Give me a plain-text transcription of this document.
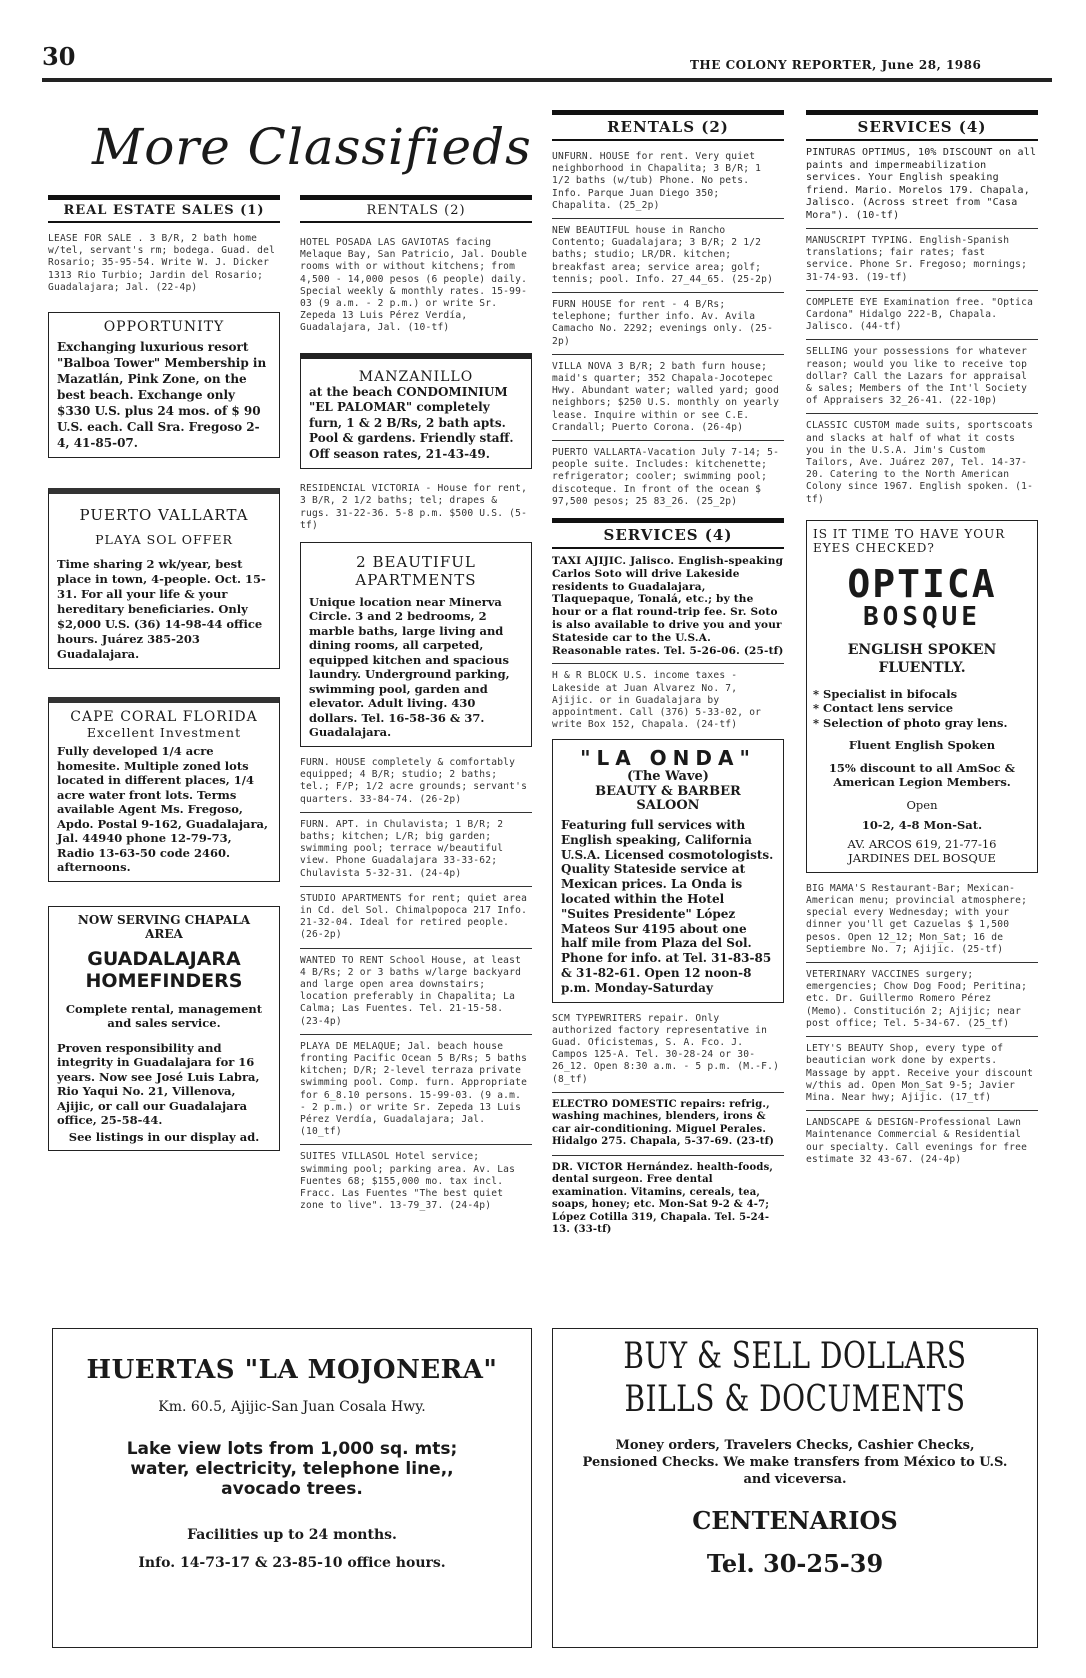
30	THE COLONY REPORTER, June 28, 1986
More Classifieds
REAL ESTATE SALES (1)
LEASE FOR SALE . 3 B/R, 2 bath home w/tel, servant's rm; bodega. Guad. del Rosario; 35-95-54. Write W. J. Dicker 1313 Rio Turbio; Jardin del Rosario; Guadalajara; Jal. (22-4p)
OPPORTUNITY
Exchanging luxurious resort "Balboa Tower" Membership in Mazatlán, Pink Zone, on the best beach. Exchange only $330 U.S. plus 24 mos. of $ 90 U.S. each. Call Sra. Fregoso 2-4, 41-85-07.
PUERTO VALLARTA
PLAYA SOL OFFER
Time sharing 2 wk/year, best place in town, 4-people. Oct. 15-31. For all your life & your hereditary beneficiaries. Only $2,000 U.S. (36) 14-98-44 office hours. Juárez 385-203 Guadalajara.
CAPE CORAL FLORIDA
Excellent Investment
Fully developed 1/4 acre homesite. Multiple zoned lots located in different places, 1/4 acre water front lots. Terms available Agent Ms. Fregoso, Apdo. Postal 9-162, Guadalajara, Jal. 44940 phone 12-79-73, Radio 13-63-50 code 2460. afternoons.
NOW SERVING CHAPALA AREA
GUADALAJARA
HOMEFINDERS
Complete rental, management and sales service.
Proven responsibility and integrity in Guadalajara for 16 years. Now see José Luis Labra, Rio Yaqui No. 21, Villenova, Ajijic, or call our Guadalajara office, 25-58-44.
See listings in our display ad.
RENTALS (2)
HOTEL POSADA LAS GAVIOTAS facing Melaque Bay, San Patricio, Jal. Double rooms with or without kitchens; from 4,500 - 14,000 pesos (6 people) daily. Special weekly & monthly rates. 15-99-03 (9 a.m. - 2 p.m.) or write Sr. Zepeda 13 Luis Pérez Verdía, Guadalajara, Jal. (10-tf)
MANZANILLO
at the beach CONDOMINIUM "EL PALOMAR" completely furn, 1 & 2 B/Rs, 2 bath apts. Pool & gardens. Friendly staff. Off season rates, 21-43-49.
RESIDENCIAL VICTORIA - House for rent, 3 B/R, 2 1/2 baths; tel; drapes & rugs. 31-22-36. 5-8 p.m. $500 U.S. (5-tf)
2 BEAUTIFUL
APARTMENTS
Unique location near Minerva Circle. 3 and 2 bedrooms, 2 marble baths, large living and dining rooms, all carpeted, equipped kitchen and spacious laundry. Underground parking, swimming pool, garden and elevator. Adult living. 430 dollars. Tel. 16-58-36 & 37. Guadalajara.
FURN. HOUSE completely & comfortably equipped; 4 B/R; studio; 2 baths; tel.; F/P; 1/2 acre grounds; servant's quarters. 33-84-74. (26-2p)
FURN. APT. in Chulavista; 1 B/R; 2 baths; kitchen; L/R; big garden; swimming pool; terrace w/beautiful view. Phone Guadalajara 33-33-62; Chulavista 5-32-31. (24-4p)
STUDIO APARTMENTS for rent; quiet area in Cd. del Sol. Chimalpopoca 217 Info. 21-32-04. Ideal for retired people. (26-2p)
WANTED TO RENT School House, at least 4 B/Rs; 2 or 3 baths w/large backyard and large open area downstairs; location preferably in Chapalita; La Calma; Las Fuentes. Tel. 21-15-58. (23-4p)
PLAYA DE MELAQUE; Jal. beach house fronting Pacific Ocean 5 B/Rs; 5 baths kitchen; D/R; 2-level terraza private swimming pool. Comp. furn. Appropriate for 6_8.10 persons. 15-99-03. (9 a.m. - 2 p.m.) or write Sr. Zepeda 13 Luis Pérez Verdía, Guadalajara; Jal. (10_tf)
SUITES VILLASOL Hotel service; swimming pool; parking area. Av. Las Fuentes 68; $155,000 mo. tax incl. Fracc. Las Fuentes "The best quiet zone to live". 13-79_37. (24-4p)
RENTALS (2)
UNFURN. HOUSE for rent. Very quiet neighborhood in Chapalita; 3 B/R; 1 1/2 baths (w/tub) Phone. No pets. Info. Parque Juan Diego 350; Chapalita. (25_2p)
NEW BEAUTIFUL house in Rancho Contento; Guadalajara; 3 B/R; 2 1/2 baths; studio; LR/DR. kitchen; breakfast area; service area; golf; tennis; pool. Info. 27_44_65. (25-2p)
FURN HOUSE for rent - 4 B/Rs; telephone; further info. Av. Avila Camacho No. 2292; evenings only. (25-2p)
VILLA NOVA 3 B/R; 2 bath furn house; maid's quarter; 352 Chapala-Jocotepec Hwy. Abundant water; walled yard; good neighbors; $250 U.S. monthly on yearly lease. Inquire within or see C.E. Crandall; Puerto Corona. (26-4p)
PUERTO VALLARTA-Vacation July 7-14; 5-people suite. Includes: kitchenette; refrigerator; cooler; swimming pool; discoteque. In front of the ocean $ 97,500 pesos; 25 83_26. (25_2p)
SERVICES (4)
TAXI AJIJIC. Jalisco. English-speaking Carlos Soto will drive Lakeside residents to Guadalajara, Tlaquepaque, Tonalá, etc.; by the hour or a flat round-trip fee. Sr. Soto is also available to drive you and your Stateside car to the U.S.A. Reasonable rates. Tel. 5-26-06. (25-tf)
H & R BLOCK U.S. income taxes - Lakeside at Juan Alvarez No. 7, Ajijic. or in Guadalajara by appointment. Call (376) 5-33-02, or write Box 152, Chapala. (24-tf)
"LA ONDA"
(The Wave)
BEAUTY & BARBER
SALOON
Featuring full services with English speaking, California U.S.A. Licensed cosmotologists. Quality Stateside service at Mexican prices. La Onda is located within the Hotel "Suites Presidente" López Mateos Sur 4195 about one half mile from Plaza del Sol. Phone for info. at Tel. 31-83-85 & 31-82-61. Open 12 noon-8 p.m. Monday-Saturday
SCM TYPEWRITERS repair. Only authorized factory representative in Guad. Oficistemas, S. A. Fco. J. Campos 125-A. Tel. 30-28-24 or 30-26_12. Open 8:30 a.m. - 5 p.m. (M.-F.) (8_tf)
ELECTRO DOMESTIC repairs: refrig., washing machines, blenders, irons & car air-conditioning. Miguel Perales. Hidalgo 275. Chapala, 5-37-69. (23-tf)
DR. VICTOR Hernández. health-foods, dental surgeon. Free dental examination. Vitamins, cereals, tea, soaps, honey; etc. Mon-Sat 9-2 & 4-7; López Cotilla 319, Chapala. Tel. 5-24-13. (33-tf)
SERVICES (4)
PINTURAS OPTIMUS, 10% DISCOUNT on all paints and impermeabilization services. Your English speaking friend. Mario. Morelos 179. Chapala, Jalisco. (Across street from "Casa Mora"). (10-tf)
MANUSCRIPT TYPING. English-Spanish translations; fair rates; fast service. Phone Sr. Fregoso; mornings; 31-74-93. (19-tf)
COMPLETE EYE Examination free. "Optica Cardona" Hidalgo 222-B, Chapala. Jalisco. (44-tf)
SELLING your possessions for whatever reason; would you like to receive top dollar? Call the Lazars for appraisal & sales; Members of the Int'l Society of Appraisers 32_26-41. (22-10p)
CLASSIC CUSTOM made suits, sportscoats and slacks at half of what it costs you in the U.S.A. Jim's Custom Tailors, Ave. Juárez 207, Tel. 14-37-20. Catering to the North American Colony since 1967. English spoken. (1-tf)
IS IT TIME TO HAVE YOUR EYES CHECKED?
OPTICA
BOSQUE
ENGLISH SPOKEN FLUENTLY.
* Specialist in bifocals
* Contact lens service
* Selection of photo gray lens.
Fluent English Spoken
15% discount to all AmSoc & American Legion Members.
Open
10-2, 4-8 Mon-Sat.
AV. ARCOS 619, 21-77-16
JARDINES DEL BOSQUE
BIG MAMA'S Restaurant-Bar; Mexican-American menu; provincial atmosphere; special every Wednesday; with your dinner you'll get Cazuelas $ 1,500 pesos. Open 12_12; Mon_Sat; 16 de Septiembre No. 7; Ajijic. (25-tf)
VETERINARY VACCINES surgery; emergencies; Chow Dog Food; Peritina; etc. Dr. Guillermo Romero Pérez (Memo). Constitución 2; Ajijic; near post office; Tel. 5-34-67. (25_tf)
LETY'S BEAUTY Shop, every type of beautician work done by experts. Massage by appt. Receive your discount w/this ad. Open Mon_Sat 9-5; Javier Mina. Near hwy; Ajijic. (17_tf)
LANDSCAPE & DESIGN-Professional Lawn Maintenance Commercial & Residential our specialty. Call evenings for free estimate 32 43-67. (24-4p)
HUERTAS "LA MOJONERA"
Km. 60.5, Ajijic-San Juan Cosala Hwy.
Lake view lots from 1,000 sq. mts;
water, electricity, telephone line,,
avocado trees.
Facilities up to 24 months.
Info. 14-73-17 & 23-85-10 office hours.
BUY & SELL DOLLARS
BILLS & DOCUMENTS
Money orders, Travelers Checks, Cashier Checks, Pensioned Checks. We make transfers from México to U.S. and viceversa.
CENTENARIOS
Tel. 30-25-39
